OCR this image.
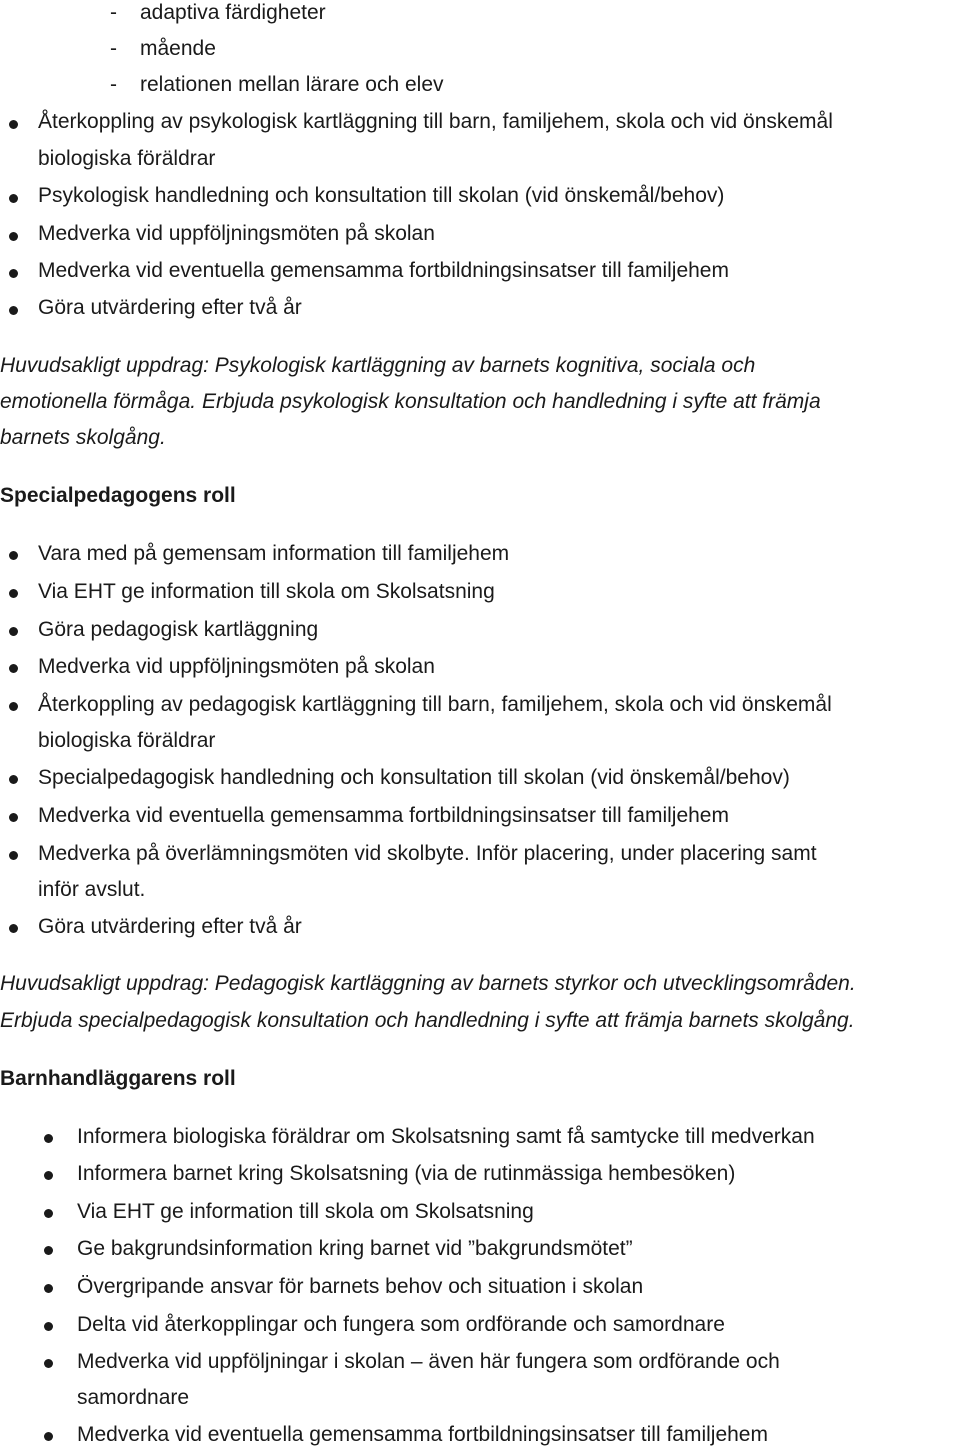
- adaptiva färdigheter
- mående
- relationen mellan lärare och elev
Återkoppling av psykologisk kartläggning till barn, familjehem, skola och vid önskemål
biologiska föräldrar
Psykologisk handledning och konsultation till skolan (vid önskemål/behov)
Medverka vid uppföljningsmöten på skolan
Medverka vid eventuella gemensamma fortbildningsinsatser till familjehem
Göra utvärdering efter två år
Huvudsakligt uppdrag: Psykologisk kartläggning av barnets kognitiva, sociala och
emotionella förmåga. Erbjuda psykologisk konsultation och handledning i syfte att främja
barnets skolgång.
Specialpedagogens roll
Vara med på gemensam information till familjehem
Via EHT ge information till skola om Skolsatsning
Göra pedagogisk kartläggning
Medverka vid uppföljningsmöten på skolan
Återkoppling av pedagogisk kartläggning till barn, familjehem, skola och vid önskemål
biologiska föräldrar
Specialpedagogisk handledning och konsultation till skolan (vid önskemål/behov)
Medverka vid eventuella gemensamma fortbildningsinsatser till familjehem
Medverka på överlämningsmöten vid skolbyte. Inför placering, under placering samt
inför avslut.
Göra utvärdering efter två år
Huvudsakligt uppdrag: Pedagogisk kartläggning av barnets styrkor och utvecklingsområden.
Erbjuda specialpedagogisk konsultation och handledning i syfte att främja barnets skolgång.
Barnhandläggarens roll
Informera biologiska föräldrar om Skolsatsning samt få samtycke till medverkan
Informera barnet kring Skolsatsning (via de rutinmässiga hembesöken)
Via EHT ge information till skola om Skolsatsning
Ge bakgrundsinformation kring barnet vid ”bakgrundsmötet”
Övergripande ansvar för barnets behov och situation i skolan
Delta vid återkopplingar och fungera som ordförande och samordnare
Medverka vid uppföljningar i skolan – även här fungera som ordförande och
samordnare
Medverka vid eventuella gemensamma fortbildningsinsatser till familjehem
